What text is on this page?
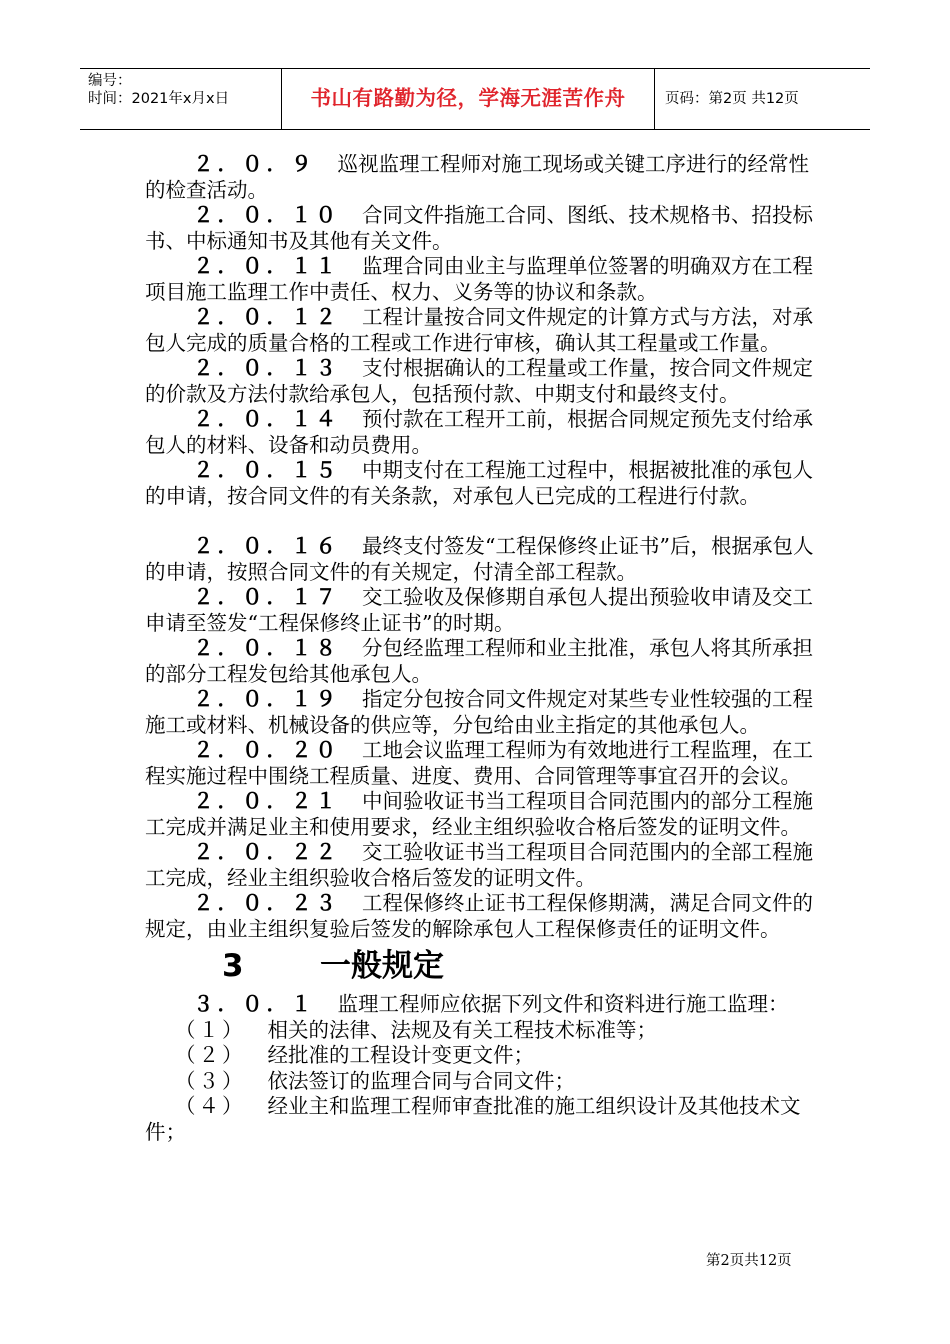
编号：
时间：2021年x月x日	书山有路勤为径，学海无涯苦作舟	页码：第2页 共12页

２．０．９ 巡视监理工程师对施工现场或关键工序进行的经常性的检查活动。

２．０．１０ 合同文件指施工合同、图纸、技术规格书、招投标书、中标通知书及其他有关文件。

２．０．１１ 监理合同由业主与监理单位签署的明确双方在工程项目施工监理工作中责任、权力、义务等的协议和条款。

２．０．１２ 工程计量按合同文件规定的计算方式与方法，对承包人完成的质量合格的工程或工作进行审核，确认其工程量或工作量。

２．０．１３ 支付根据确认的工程量或工作量，按合同文件规定的价款及方法付款给承包人，包括预付款、中期支付和最终支付。

２．０．１４ 预付款在工程开工前，根据合同规定预先支付给承包人的材料、设备和动员费用。

２．０．１５ 中期支付在工程施工过程中，根据被批准的承包人的申请，按合同文件的有关条款，对承包人已完成的工程进行付款。

２．０．１６ 最终支付签发“工程保修终止证书”后，根据承包人的申请，按照合同文件的有关规定，付清全部工程款。

２．０．１７ 交工验收及保修期自承包人提出预验收申请及交工申请至签发“工程保修终止证书”的时期。

２．０．１８ 分包经监理工程师和业主批准，承包人将其所承担的部分工程发包给其他承包人。

２．０．１９ 指定分包按合同文件规定对某些专业性较强的工程施工或材料、机械设备的供应等，分包给由业主指定的其他承包人。

２．０．２０ 工地会议监理工程师为有效地进行工程监理，在工程实施过程中围绕工程质量、进度、费用、合同管理等事宜召开的会议。

２．０．２１ 中间验收证书当工程项目合同范围内的部分工程施工完成并满足业主和使用要求，经业主组织验收合格后签发的证明文件。

２．０．２２ 交工验收证书当工程项目合同范围内的全部工程施工完成，经业主组织验收合格后签发的证明文件。

２．０．２３ 工程保修终止证书工程保修期满，满足合同文件的规定，由业主组织复验后签发的解除承包人工程保修责任的证明文件。

3 一般规定

３．０．１ 监理工程师应依据下列文件和资料进行施工监理：

（１） 相关的法律、法规及有关工程技术标准等；

（２） 经批准的工程设计变更文件；

（３） 依法签订的监理合同与合同文件；

（４） 经业主和监理工程师审查批准的施工组织设计及其他技术文件；

第2页共12页
